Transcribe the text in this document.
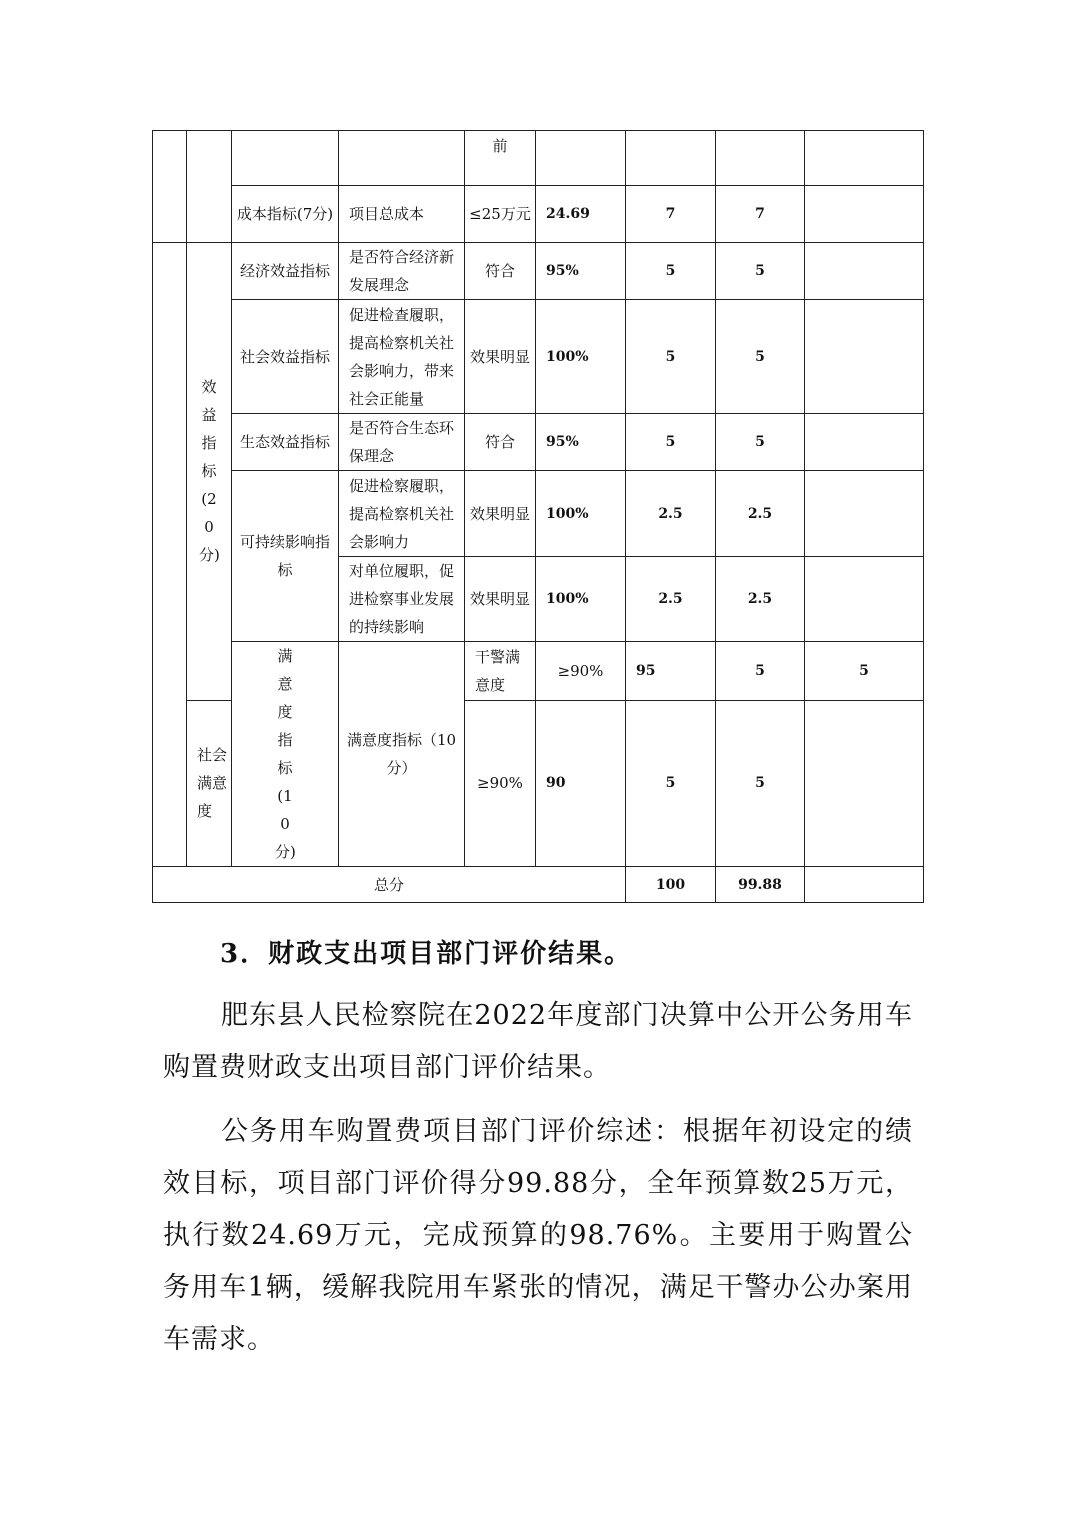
				前					
		成本指标(7分)	项目总成本	≤25万元	24.69	7	7		

	效益指标(20分)	经济效益指标	是否符合经济新发展理念	符合	95%	5	5		
		社会效益指标	促进检查履职，提高检察机关社会影响力，带来社会正能量	效果明显	100%	5	5		
		生态效益指标	是否符合生态环保理念	符合	95%	5	5		
		可持续影响指标	促进检察履职，提高检察机关社会影响力	效果明显	100%	2.5	2.5		
			对单位履职，促进检察事业发展的持续影响	效果明显	100%	2.5	2.5		

		满意度指标(10分)	满意度指标（10分）	干警满意度	≥90%	95	5	5	
	社会满意度			≥90%	90	5	5		
总分						100	99.88		
3．财政支出项目部门评价结果。

肥东县人民检察院在2022年度部门决算中公开公务用车购置费财政支出项目部门评价结果。

公务用车购置费项目部门评价综述：根据年初设定的绩效目标，项目部门评价得分99.88分，全年预算数25万元，执行数24.69万元，完成预算的98.76%。主要用于购置公务用车1辆，缓解我院用车紧张的情况，满足干警办公办案用车需求。
